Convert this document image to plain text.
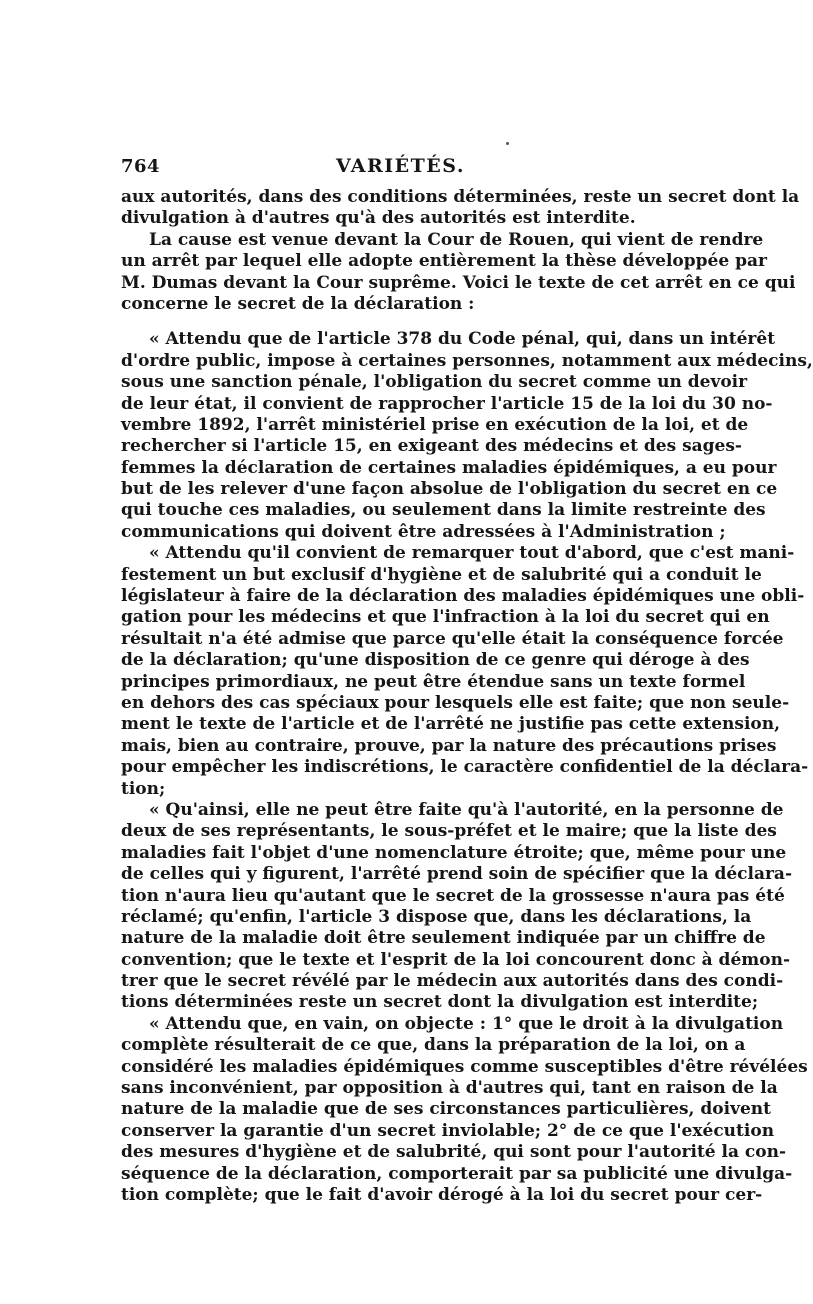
764	VARIÉTÉS.
aux autorités, dans des conditions déterminées, reste un secret dont la
divulgation à d'autres qu'à des autorités est interdite.
La cause est venue devant la Cour de Rouen, qui vient de rendre
un arrêt par lequel elle adopte entièrement la thèse développée par
M. Dumas devant la Cour suprême. Voici le texte de cet arrêt en ce qui
concerne le secret de la déclaration :
« Attendu que de l'article 378 du Code pénal, qui, dans un intérêt
d'ordre public, impose à certaines personnes, notamment aux médecins,
sous une sanction pénale, l'obligation du secret comme un devoir
de leur état, il convient de rapprocher l'article 15 de la loi du 30 no-
vembre 1892, l'arrêt ministériel prise en exécution de la loi, et de
rechercher si l'article 15, en exigeant des médecins et des sages-
femmes la déclaration de certaines maladies épidémiques, a eu pour
but de les relever d'une façon absolue de l'obligation du secret en ce
qui touche ces maladies, ou seulement dans la limite restreinte des
communications qui doivent être adressées à l'Administration ;
« Attendu qu'il convient de remarquer tout d'abord, que c'est mani-
festement un but exclusif d'hygiène et de salubrité qui a conduit le
législateur à faire de la déclaration des maladies épidémiques une obli-
gation pour les médecins et que l'infraction à la loi du secret qui en
résultait n'a été admise que parce qu'elle était la conséquence forcée
de la déclaration; qu'une disposition de ce genre qui déroge à des
principes primordiaux, ne peut être étendue sans un texte formel
en dehors des cas spéciaux pour lesquels elle est faite; que non seule-
ment le texte de l'article et de l'arrêté ne justifie pas cette extension,
mais, bien au contraire, prouve, par la nature des précautions prises
pour empêcher les indiscrétions, le caractère confidentiel de la déclara-
tion;
« Qu'ainsi, elle ne peut être faite qu'à l'autorité, en la personne de
deux de ses représentants, le sous-préfet et le maire; que la liste des
maladies fait l'objet d'une nomenclature étroite; que, même pour une
de celles qui y figurent, l'arrêté prend soin de spécifier que la déclara-
tion n'aura lieu qu'autant que le secret de la grossesse n'aura pas été
réclamé; qu'enfin, l'article 3 dispose que, dans les déclarations, la
nature de la maladie doit être seulement indiquée par un chiffre de
convention; que le texte et l'esprit de la loi concourent donc à démon-
trer que le secret révélé par le médecin aux autorités dans des condi-
tions déterminées reste un secret dont la divulgation est interdite;
« Attendu que, en vain, on objecte : 1° que le droit à la divulgation
complète résulterait de ce que, dans la préparation de la loi, on a
considéré les maladies épidémiques comme susceptibles d'être révélées
sans inconvénient, par opposition à d'autres qui, tant en raison de la
nature de la maladie que de ses circonstances particulières, doivent
conserver la garantie d'un secret inviolable; 2° de ce que l'exécution
des mesures d'hygiène et de salubrité, qui sont pour l'autorité la con-
séquence de la déclaration, comporterait par sa publicité une divulga-
tion complète; que le fait d'avoir dérogé à la loi du secret pour cer-
